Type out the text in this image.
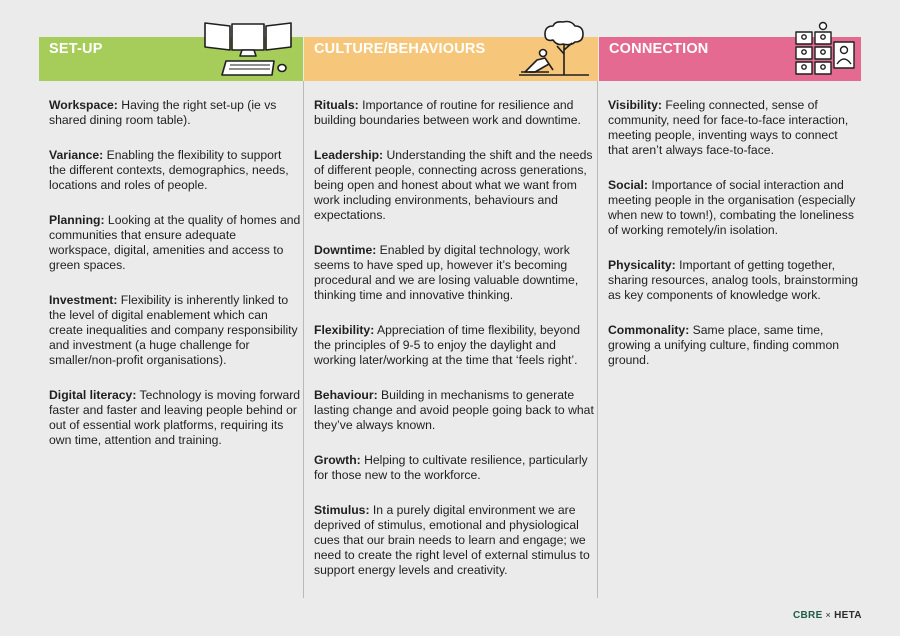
SET-UP	CULTURE/BEHAVIOURS	CONNECTION

Workspace: Having the right set-up (ie vs shared dining room table).

Variance: Enabling the flexibility to support the different contexts, demographics, needs, locations and roles of people.

Planning: Looking at the quality of homes and communities that ensure adequate workspace, digital, amenities and access to green spaces.

Investment: Flexibility is inherently linked to the level of digital enablement which can create inequalities and company responsibility and investment (a huge challenge for smaller/non-profit organisations).

Digital literacy: Technology is moving forward faster and faster and leaving people behind or out of essential work platforms, requiring its own time, attention and training.

Rituals: Importance of routine for resilience and building boundaries between work and downtime.

Leadership: Understanding the shift and the needs of different people, connecting across generations, being open and honest about what we want from work including environments, behaviours and expectations.

Downtime: Enabled by digital technology, work seems to have sped up, however it’s becoming procedural and we are losing valuable downtime, thinking time and innovative thinking.

Flexibility: Appreciation of time flexibility, beyond the principles of 9-5 to enjoy the daylight and working later/working at the time that ‘feels right’.

Behaviour: Building in mechanisms to generate lasting change and avoid people going back to what they’ve always known.

Growth: Helping to cultivate resilience, particularly for those new to the workforce.

Stimulus: In a purely digital environment we are deprived of stimulus, emotional and physiological cues that our brain needs to learn and engage; we need to create the right level of external stimulus to support energy levels and creativity.

Visibility: Feeling connected, sense of community, need for face-to-face interaction, meeting people, inventing ways to connect that aren’t always face-to-face.

Social: Importance of social interaction and meeting people in the organisation (especially when new to town!), combating the loneliness of working remotely/in isolation.

Physicality: Important of getting together, sharing resources, analog tools, brainstorming as key components of knowledge work.

Commonality: Same place, same time, growing a unifying culture, finding common ground.

CBRE × HETA
